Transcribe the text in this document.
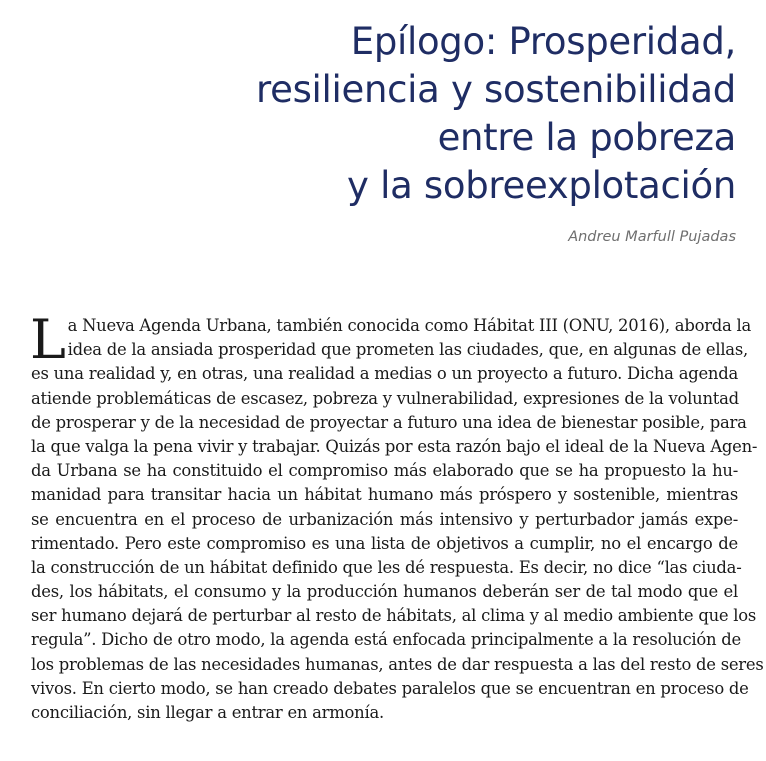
Epílogo: Prosperidad,
resiliencia y sostenibilidad
entre la pobreza
y la sobreexplotación

Andreu Marfull Pujadas

L a Nueva Agenda Urbana, también conocida como Hábitat III (ONU, 2016), aborda la
idea de la ansiada prosperidad que prometen las ciudades, que, en algunas de ellas,
es una realidad y, en otras, una realidad a medias o un proyecto a futuro. Dicha agenda
atiende problemáticas de escasez, pobreza y vulnerabilidad, expresiones de la voluntad
de prosperar y de la necesidad de proyectar a futuro una idea de bienestar posible, para
la que valga la pena vivir y trabajar. Quizás por esta razón bajo el ideal de la Nueva Agen-
da Urbana se ha constituido el compromiso más elaborado que se ha propuesto la hu-
manidad para transitar hacia un hábitat humano más próspero y sostenible, mientras
se encuentra en el proceso de urbanización más intensivo y perturbador jamás expe-
rimentado. Pero este compromiso es una lista de objetivos a cumplir, no el encargo de
la construcción de un hábitat definido que les dé respuesta. Es decir, no dice “las ciuda-
des, los hábitats, el consumo y la producción humanos deberán ser de tal modo que el
ser humano dejará de perturbar al resto de hábitats, al clima y al medio ambiente que los
regula”. Dicho de otro modo, la agenda está enfocada principalmente a la resolución de
los problemas de las necesidades humanas, antes de dar respuesta a las del resto de seres
vivos. En cierto modo, se han creado debates paralelos que se encuentran en proceso de
conciliación, sin llegar a entrar en armonía.
